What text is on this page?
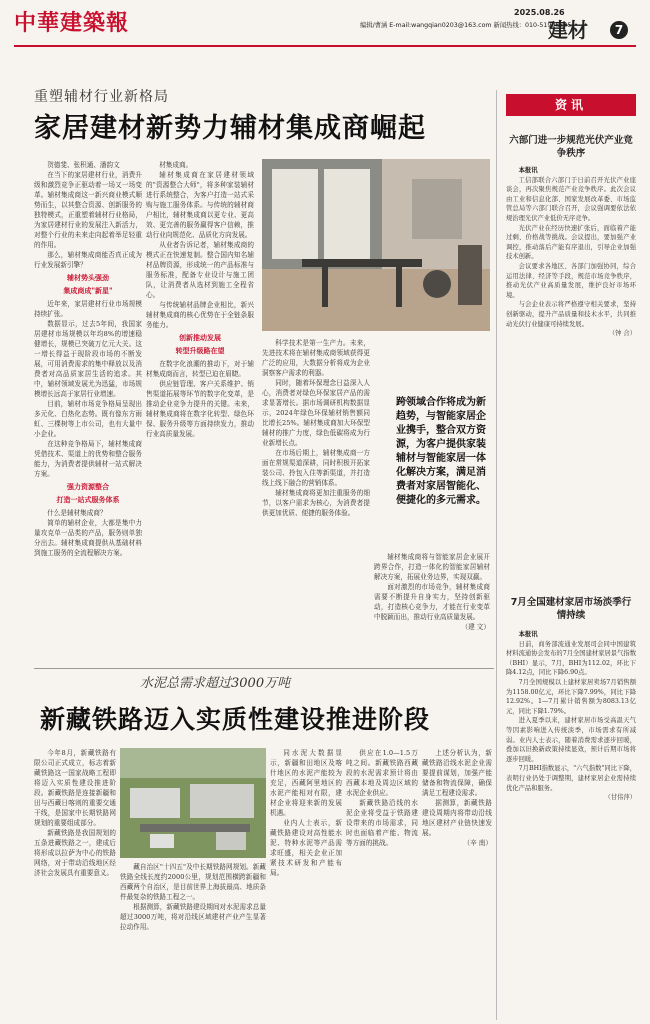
中華建築報	2025.08.26
编辑/曹涵 E-mail:wangqian0203@163.com 新闻热线：010-51906505
建材	7
重塑辅材行业新格局
家居建材新势力辅材集成商崛起

贺德斐、张积通、潘韵文

在当下的家居建材行业，消费升级和激烈竞争正驱动着一场又一场变革。辅材集成商这一新兴商业模式顺势而生，以其整合资源、创新服务的独特模式，正重塑着辅材行业格局，为家居建材行业的发展注入新活力，对整个行业的未来走向起着举足轻重的作用。

那么，辅材集成商能否真正成为行业发展新引擎？

辅材势头强劲

集成商成"新星"

近年来，家居建材行业市场规模持续扩张。

数据显示，过去5年间，我国家居建材市场规模以年均8%的增速稳健增长，规模已突破万亿元大关。这一增长得益于现阶段市场的不断发展，可用消费需求的集中释放以及消费者对高品质家居生活的追求。其中，辅材领域发展尤为迅猛，市场规模增长远高于家居行业增速。

目前，辅材市场竞争格局呈现出多元化、白热化态势。既有像东方雨虹、三棵树等上市公司，也有大量中小企业。

在这种竞争格局下，辅材集成商凭借技术、渠道上的优势和整合服务能力，为消费者提供辅材一站式解决方案。

强力资源整合

打造一站式服务体系

什么是辅材集成商？

简单的辅材企业，大都是集中力量攻克单一品类的产品，服务则单独分出去。辅材集成商提供从基础材料到施工服务的全流程解决方案。

材集成商。

辅材集成商在家居建材领域的"资源整合大师"，将多种家装辅材进行系统整合，为客户打造一站式采购与施工服务体系。与传统的辅材商户相比，辅材集成商以更专业、更高效、更完善的服务赢得客户信赖，推动行业向规范化、品质化方向发展。

从业者告诉记者，辅材集成商的模式正在快速复制。整合国内知名辅材品牌资源，形成统一的产品标准与服务标准，配备专业设计与施工团队，让消费者从选材到施工全程省心。

与传统辅材品牌企业相比，新兴辅材集成商的核心优势在于全链条服务能力。

创新推动发展

转型升级路在望

在数字化浪潮的推动下，对于辅材集成商而言，转型已迫在眉睫。

供应链管理、客户关系维护、销售渠道拓展等环节的数字化变革，是推动企业竞争力提升的关键。未来，辅材集成商将在数字化转型、绿色环保、服务升级等方面持续发力，推动行业高质量发展。

科学技术是第一生产力。未来，先进技术将在辅材集成商领域获得更广泛的应用，大数据分析将成为企业洞察客户需求的利器。

同时，随着环保理念日益深入人心，消费者对绿色环保家居产品的需求显著增长。据市场调研机构数据显示，2024年绿色环保辅材销售额同比增长25%。辅材集成商加大环保型辅材的推广力度，绿色低碳将成为行业新增长点。

在市场后期上，辅材集成商一方面在常规渠道深耕，同时积极开拓家装公司、拎包入住等新渠道，并打造线上线下融合的营销体系。

辅材集成商将更加注重服务的细节，以客户需求为核心，为消费者提供更加优质、便捷的服务体验。

跨领域合作将成为新趋势，与智能家居企业携手，整合双方资源，为客户提供家装辅材与智能家居一体化解决方案，满足消费者对家居智能化、便捷化的多元需求。

辅材集成商将与智能家居企业展开跨界合作，打造一体化的智能家居辅材解决方案，拓展业务边界，实现双赢。

面对激烈的市场竞争，辅材集成商需要不断提升自身实力，坚持创新驱动，打造核心竞争力，才能在行业变革中脱颖而出，推动行业高质量发展。

（建 文）

水泥总需求超过3000万吨
新藏铁路迈入实质性建设推进阶段

今年8月，新藏铁路有限公司正式成立，标志着新藏铁路这一国家战略工程即将迈入实质性建设推进阶段。新藏铁路是连接新疆和田与西藏日喀则的重要交通干线，是国家中长期铁路网规划的重要组成部分。

新藏铁路是我国规划的五条进藏铁路之一，建成后将形成以拉萨为中心的铁路网络，对于带动沿线地区经济社会发展具有重要意义。

藏自治区"十四五"及中长期铁路网规划。新藏铁路全线长度约2000公里，规划范围横跨新疆和西藏两个自治区，是目前世界上海拔最高、地质条件最复杂的铁路工程之一。

根据测算，新藏铁路建设期间对水泥需求总量超过3000万吨，将对沿线区域建材产业产生显著拉动作用。

同水泥大数据显示，新疆和田地区及喀什地区的水泥产能较为充足，西藏阿里地区的水泥产能相对有限，建材企业将迎来新的发展机遇。

业内人士表示，新藏铁路建设对高性能水泥、特种水泥等产品需求旺盛，相关企业正加紧技术研发和产能布局。

供应在1.0—1.5万吨之间。新藏铁路西藏段的水泥需求预计将由西藏本地及周边区域的水泥企业供应。

新藏铁路沿线的水泥企业将受益于铁路建设带来的市场需求，同时也面临着产能、物流等方面的挑战。

上述分析认为，新藏铁路沿线水泥企业需要提前谋划，加强产能储备和物流保障，确保满足工程建设需求。

据测算，新藏铁路建设周期内将带动沿线地区建材产业链快速发展。

（辛 南）

资讯
六部门进一步规范光伏产业竞争秩序

本报讯

工信部联合六部门于日前召开光伏产业座谈会，再次聚焦规范产业竞争秩序。此次会议由工业和信息化部、国家发展改革委、市场监管总局等六部门联合召开，会议强调要依法依规治理光伏产业低价无序竞争。

光伏产业在经历快速扩张后，面临着产能过剩、价格战等挑战。会议提出，要加强产业调控，推动落后产能有序退出，引导企业加强技术创新。

会议要求各地区、各部门加强协同，综合运用法律、经济等手段，规范市场竞争秩序，推动光伏产业高质量发展，维护良好市场环境。

与会企业表示将严格遵守相关要求，坚持创新驱动，提升产品质量和技术水平，共同推动光伏行业健康可持续发展。

（钟 合）

7月全国建材家居市场淡季行情持续

本报讯

日前，商务部流通业发展司会同中国建筑材料流通协会发布的7月全国建材家居景气指数（BHI）显示，7月，BHI为112.02，环比下降4.12点，同比下降6.90点。

7月全国规模以上建材家居卖场7月销售额为1158.00亿元，环比下降7.99%，同比下降12.92%。1—7月累计销售额为8083.13亿元，同比下降1.79%。

进入夏季以来，建材家居市场受高温天气等因素影响进入传统淡季，市场需求有所减弱。业内人士表示，随着消费需求逐步回暖，叠加以旧换新政策持续显效，预计后期市场将逐步回暖。

7月BHI指数显示，"六气指数"同比下降，表明行业仍处于调整期，建材家居企业需持续优化产品和服务。

（甘伟萍）
